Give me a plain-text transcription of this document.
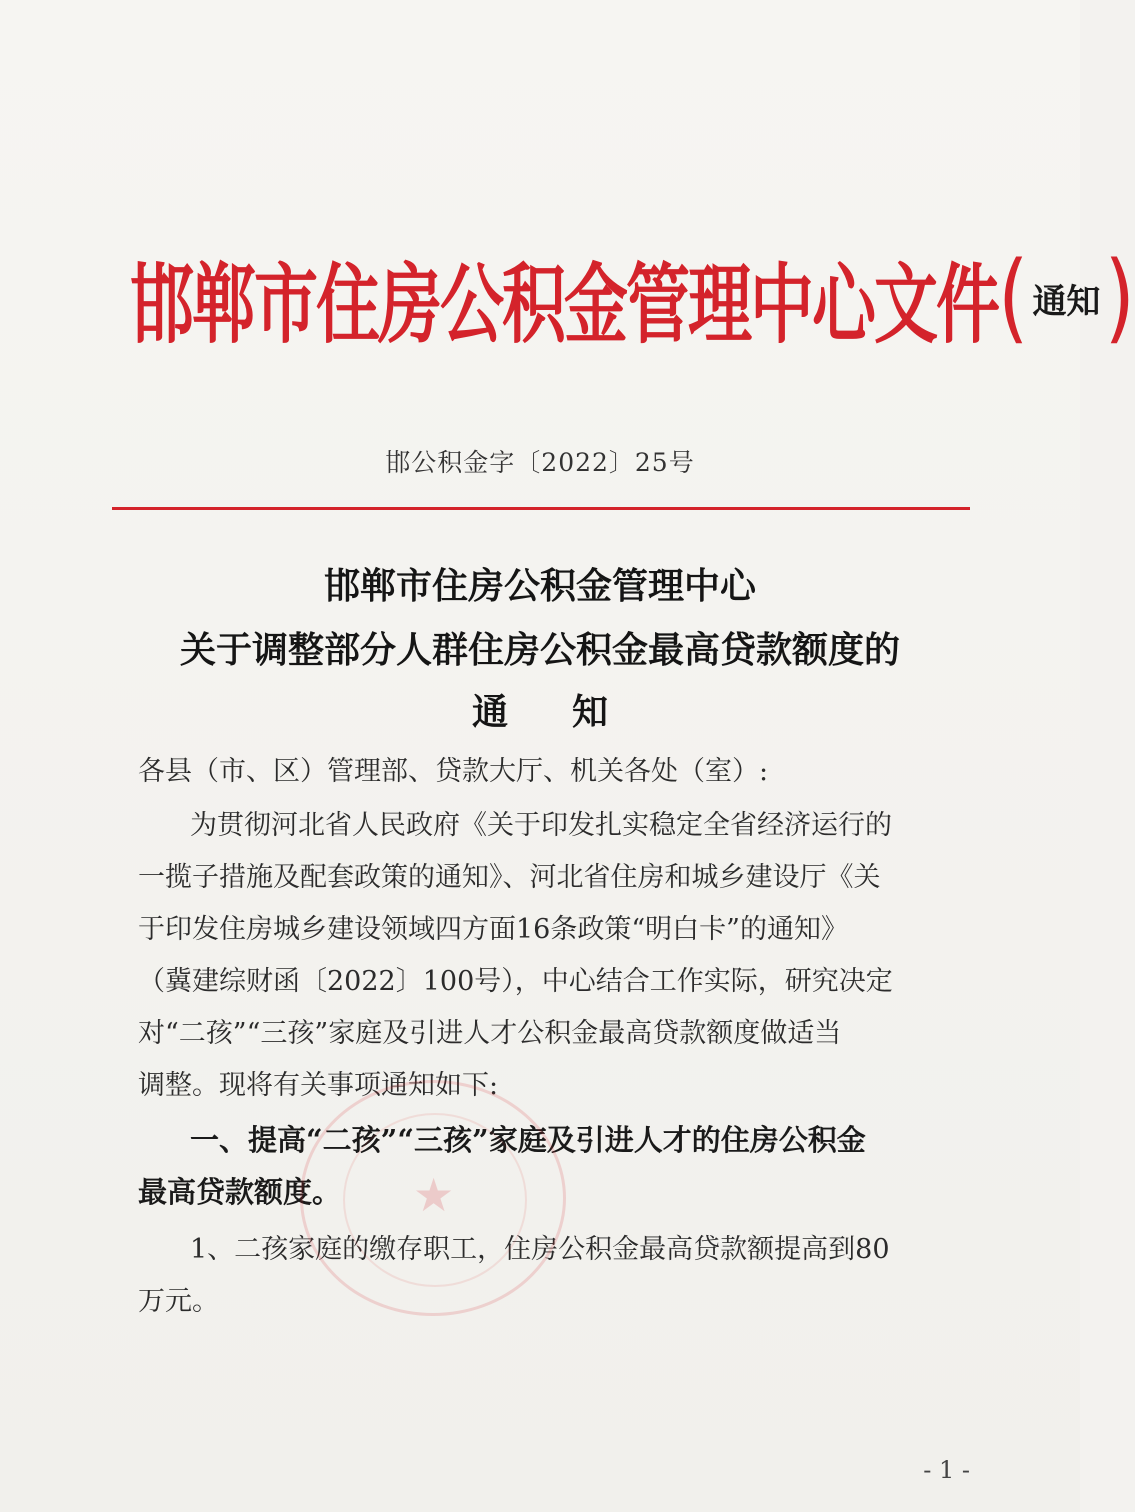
邯郸市住房公积金管理中心文件 ( 通知 )
邯公积金字〔2022〕25号
邯郸市住房公积金管理中心
关于调整部分人群住房公积金最高贷款额度的
通知
各县（市、区）管理部、贷款大厅、机关各处（室）:
为贯彻河北省人民政府《关于印发扎实稳定全省经济运行的
一揽子措施及配套政策的通知》、河北省住房和城乡建设厅《关
于印发住房城乡建设领域四方面16条政策“明白卡”的通知》
（冀建综财函〔2022〕100号），中心结合工作实际，研究决定
对“二孩”“三孩”家庭及引进人才公积金最高贷款额度做适当
调整。现将有关事项通知如下:
一、提高“二孩”“三孩”家庭及引进人才的住房公积金
最高贷款额度。
1、二孩家庭的缴存职工，住房公积金最高贷款额提高到80
万元。
★
- 1 -
